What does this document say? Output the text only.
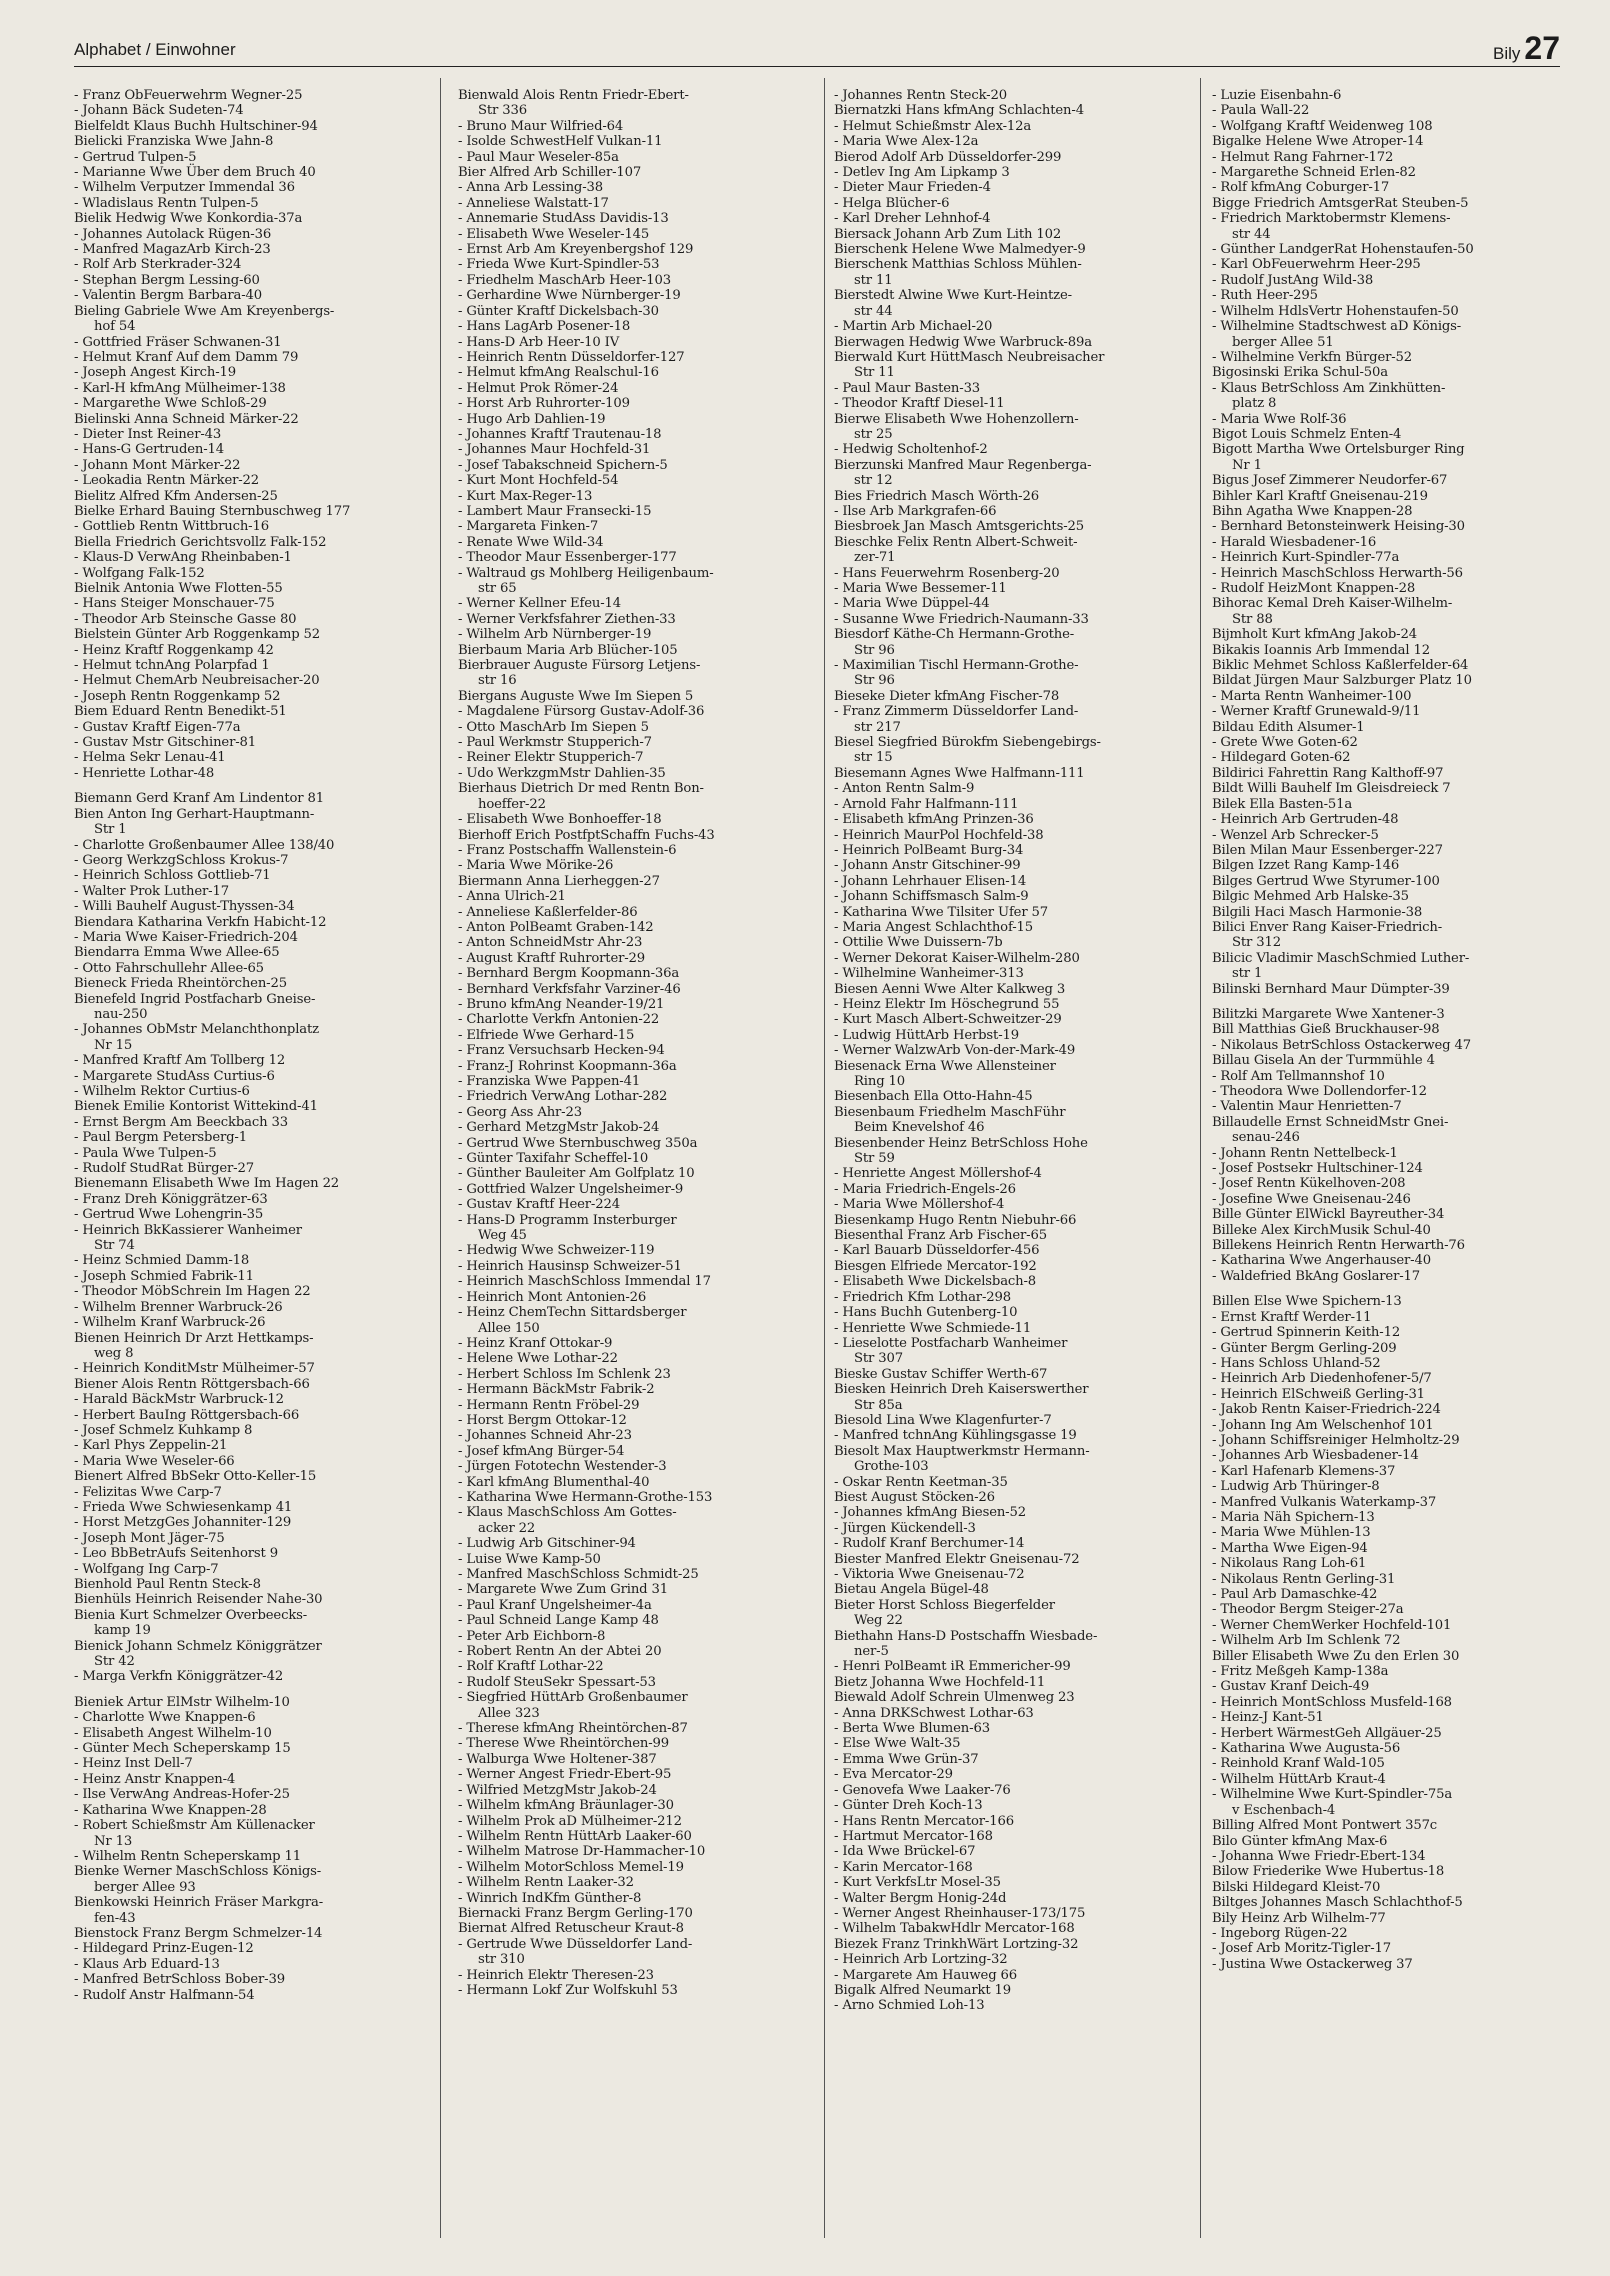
Alphabet / Einwohner	Bily 27
- Franz ObFeuerwehrm Wegner-25
- Johann Bäck Sudeten-74
Bielfeldt Klaus Buchh Hultschiner-94
Bielicki Franziska Wwe Jahn-8
- Gertrud Tulpen-5
- Marianne Wwe Über dem Bruch 40
- Wilhelm Verputzer Immendal 36
- Wladislaus Rentn Tulpen-5
Bielik Hedwig Wwe Konkordia-37a
- Johannes Autolack Rügen-36
- Manfred MagazArb Kirch-23
- Rolf Arb Sterkrader-324
- Stephan Bergm Lessing-60
- Valentin Bergm Barbara-40
Bieling Gabriele Wwe Am Kreyenbergs-
hof 54
- Gottfried Fräser Schwanen-31
- Helmut Kranf Auf dem Damm 79
- Joseph Angest Kirch-19
- Karl-H kfmAng Mülheimer-138
- Margarethe Wwe Schloß-29
Bielinski Anna Schneid Märker-22
- Dieter Inst Reiner-43
- Hans-G Gertruden-14
- Johann Mont Märker-22
- Leokadia Rentn Märker-22
Bielitz Alfred Kfm Andersen-25
Bielke Erhard Bauing Sternbuschweg 177
- Gottlieb Rentn Wittbruch-16
Biella Friedrich Gerichtsvollz Falk-152
- Klaus-D VerwAng Rheinbaben-1
- Wolfgang Falk-152
Bielnik Antonia Wwe Flotten-55
- Hans Steiger Monschauer-75
- Theodor Arb Steinsche Gasse 80
Bielstein Günter Arb Roggenkamp 52
- Heinz Kraftf Roggenkamp 42
- Helmut tchnAng Polarpfad 1
- Helmut ChemArb Neubreisacher-20
- Joseph Rentn Roggenkamp 52
Biem Eduard Rentn Benedikt-51
- Gustav Kraftf Eigen-77a
- Gustav Mstr Gitschiner-81
- Helma Sekr Lenau-41
- Henriette Lothar-48
Biemann Gerd Kranf Am Lindentor 81
Bien Anton Ing Gerhart-Hauptmann-
Str 1
- Charlotte Großenbaumer Allee 138/40
- Georg WerkzgSchloss Krokus-7
- Heinrich Schloss Gottlieb-71
- Walter Prok Luther-17
- Willi Bauhelf August-Thyssen-34
Biendara Katharina Verkfn Habicht-12
- Maria Wwe Kaiser-Friedrich-204
Biendarra Emma Wwe Allee-65
- Otto Fahrschullehr Allee-65
Bieneck Frieda Rheintörchen-25
Bienefeld Ingrid Postfacharb Gneise-
nau-250
- Johannes ObMstr Melanchthonplatz
Nr 15
- Manfred Kraftf Am Tollberg 12
- Margarete StudAss Curtius-6
- Wilhelm Rektor Curtius-6
Bienek Emilie Kontorist Wittekind-41
- Ernst Bergm Am Beeckbach 33
- Paul Bergm Petersberg-1
- Paula Wwe Tulpen-5
- Rudolf StudRat Bürger-27
Bienemann Elisabeth Wwe Im Hagen 22
- Franz Dreh Königgrätzer-63
- Gertrud Wwe Lohengrin-35
- Heinrich BkKassierer Wanheimer
Str 74
- Heinz Schmied Damm-18
- Joseph Schmied Fabrik-11
- Theodor MöbSchrein Im Hagen 22
- Wilhelm Brenner Warbruck-26
- Wilhelm Kranf Warbruck-26
Bienen Heinrich Dr Arzt Hettkamps-
weg 8
- Heinrich KonditMstr Mülheimer-57
Biener Alois Rentn Röttgersbach-66
- Harald BäckMstr Warbruck-12
- Herbert BauIng Röttgersbach-66
- Josef Schmelz Kuhkamp 8
- Karl Phys Zeppelin-21
- Maria Wwe Weseler-66
Bienert Alfred BbSekr Otto-Keller-15
- Felizitas Wwe Carp-7
- Frieda Wwe Schwiesenkamp 41
- Horst MetzgGes Johanniter-129
- Joseph Mont Jäger-75
- Leo BbBetrAufs Seitenhorst 9
- Wolfgang Ing Carp-7
Bienhold Paul Rentn Steck-8
Bienhüls Heinrich Reisender Nahe-30
Bienia Kurt Schmelzer Overbeecks-
kamp 19
Bienick Johann Schmelz Königgrätzer
Str 42
- Marga Verkfn Königgrätzer-42
Bieniek Artur ElMstr Wilhelm-10
- Charlotte Wwe Knappen-6
- Elisabeth Angest Wilhelm-10
- Günter Mech Scheperskamp 15
- Heinz Inst Dell-7
- Heinz Anstr Knappen-4
- Ilse VerwAng Andreas-Hofer-25
- Katharina Wwe Knappen-28
- Robert Schießmstr Am Küllenacker
Nr 13
- Wilhelm Rentn Scheperskamp 11
Bienke Werner MaschSchloss Königs-
berger Allee 93
Bienkowski Heinrich Fräser Markgra-
fen-43
Bienstock Franz Bergm Schmelzer-14
- Hildegard Prinz-Eugen-12
- Klaus Arb Eduard-13
- Manfred BetrSchloss Bober-39
- Rudolf Anstr Halfmann-54
Bienwald Alois Rentn Friedr-Ebert-
Str 336
- Bruno Maur Wilfried-64
- Isolde SchwestHelf Vulkan-11
- Paul Maur Weseler-85a
Bier Alfred Arb Schiller-107
- Anna Arb Lessing-38
- Anneliese Walstatt-17
- Annemarie StudAss Davidis-13
- Elisabeth Wwe Weseler-145
- Ernst Arb Am Kreyenbergshof 129
- Frieda Wwe Kurt-Spindler-53
- Friedhelm MaschArb Heer-103
- Gerhardine Wwe Nürnberger-19
- Günter Kraftf Dickelsbach-30
- Hans LagArb Posener-18
- Hans-D Arb Heer-10 IV
- Heinrich Rentn Düsseldorfer-127
- Helmut kfmAng Realschul-16
- Helmut Prok Römer-24
- Horst Arb Ruhrorter-109
- Hugo Arb Dahlien-19
- Johannes Kraftf Trautenau-18
- Johannes Maur Hochfeld-31
- Josef Tabakschneid Spichern-5
- Kurt Mont Hochfeld-54
- Kurt Max-Reger-13
- Lambert Maur Fransecki-15
- Margareta Finken-7
- Renate Wwe Wild-34
- Theodor Maur Essenberger-177
- Waltraud gs Mohlberg Heiligenbaum-
str 65
- Werner Kellner Efeu-14
- Werner Verkfsfahrer Ziethen-33
- Wilhelm Arb Nürnberger-19
Bierbaum Maria Arb Blücher-105
Bierbrauer Auguste Fürsorg Letjens-
str 16
Biergans Auguste Wwe Im Siepen 5
- Magdalene Fürsorg Gustav-Adolf-36
- Otto MaschArb Im Siepen 5
- Paul Werkmstr Stupperich-7
- Reiner Elektr Stupperich-7
- Udo WerkzgmMstr Dahlien-35
Bierhaus Dietrich Dr med Rentn Bon-
hoeffer-22
- Elisabeth Wwe Bonhoeffer-18
Bierhoff Erich PostfptSchaffn Fuchs-43
- Franz Postschaffn Wallenstein-6
- Maria Wwe Mörike-26
Biermann Anna Lierheggen-27
- Anna Ulrich-21
- Anneliese Kaßlerfelder-86
- Anton PolBeamt Graben-142
- Anton SchneidMstr Ahr-23
- August Kraftf Ruhrorter-29
- Bernhard Bergm Koopmann-36a
- Bernhard Verkfsfahr Varziner-46
- Bruno kfmAng Neander-19/21
- Charlotte Verkfn Antonien-22
- Elfriede Wwe Gerhard-15
- Franz Versuchsarb Hecken-94
- Franz-J Rohrinst Koopmann-36a
- Franziska Wwe Pappen-41
- Friedrich VerwAng Lothar-282
- Georg Ass Ahr-23
- Gerhard MetzgMstr Jakob-24
- Gertrud Wwe Sternbuschweg 350a
- Günter Taxifahr Scheffel-10
- Günther Bauleiter Am Golfplatz 10
- Gottfried Walzer Ungelsheimer-9
- Gustav Kraftf Heer-224
- Hans-D Programm Insterburger
Weg 45
- Hedwig Wwe Schweizer-119
- Heinrich Hausinsp Schweizer-51
- Heinrich MaschSchloss Immendal 17
- Heinrich Mont Antonien-26
- Heinz ChemTechn Sittardsberger
Allee 150
- Heinz Kranf Ottokar-9
- Helene Wwe Lothar-22
- Herbert Schloss Im Schlenk 23
- Hermann BäckMstr Fabrik-2
- Hermann Rentn Fröbel-29
- Horst Bergm Ottokar-12
- Johannes Schneid Ahr-23
- Josef kfmAng Bürger-54
- Jürgen Fototechn Westender-3
- Karl kfmAng Blumenthal-40
- Katharina Wwe Hermann-Grothe-153
- Klaus MaschSchloss Am Gottes-
acker 22
- Ludwig Arb Gitschiner-94
- Luise Wwe Kamp-50
- Manfred MaschSchloss Schmidt-25
- Margarete Wwe Zum Grind 31
- Paul Kranf Ungelsheimer-4a
- Paul Schneid Lange Kamp 48
- Peter Arb Eichborn-8
- Robert Rentn An der Abtei 20
- Rolf Kraftf Lothar-22
- Rudolf SteuSekr Spessart-53
- Siegfried HüttArb Großenbaumer
Allee 323
- Therese kfmAng Rheintörchen-87
- Therese Wwe Rheintörchen-99
- Walburga Wwe Holtener-387
- Werner Angest Friedr-Ebert-95
- Wilfried MetzgMstr Jakob-24
- Wilhelm kfmAng Bräunlager-30
- Wilhelm Prok aD Mülheimer-212
- Wilhelm Rentn HüttArb Laaker-60
- Wilhelm Matrose Dr-Hammacher-10
- Wilhelm MotorSchloss Memel-19
- Wilhelm Rentn Laaker-32
- Winrich IndKfm Günther-8
Biernacki Franz Bergm Gerling-170
Biernat Alfred Retuscheur Kraut-8
- Gertrude Wwe Düsseldorfer Land-
str 310
- Heinrich Elektr Theresen-23
- Hermann Lokf Zur Wolfskuhl 53
- Johannes Rentn Steck-20
Biernatzki Hans kfmAng Schlachten-4
- Helmut Schießmstr Alex-12a
- Maria Wwe Alex-12a
Bierod Adolf Arb Düsseldorfer-299
- Detlev Ing Am Lipkamp 3
- Dieter Maur Frieden-4
- Helga Blücher-6
- Karl Dreher Lehnhof-4
Biersack Johann Arb Zum Lith 102
Bierschenk Helene Wwe Malmedyer-9
Bierschenk Matthias Schloss Mühlen-
str 11
Bierstedt Alwine Wwe Kurt-Heintze-
str 44
- Martin Arb Michael-20
Bierwagen Hedwig Wwe Warbruck-89a
Bierwald Kurt HüttMasch Neubreisacher
Str 11
- Paul Maur Basten-33
- Theodor Kraftf Diesel-11
Bierwe Elisabeth Wwe Hohenzollern-
str 25
- Hedwig Scholtenhof-2
Bierzunski Manfred Maur Regenberga-
str 12
Bies Friedrich Masch Wörth-26
- Ilse Arb Markgrafen-66
Biesbroek Jan Masch Amtsgerichts-25
Bieschke Felix Rentn Albert-Schweit-
zer-71
- Hans Feuerwehrm Rosenberg-20
- Maria Wwe Bessemer-11
- Maria Wwe Düppel-44
- Susanne Wwe Friedrich-Naumann-33
Biesdorf Käthe-Ch Hermann-Grothe-
Str 96
- Maximilian Tischl Hermann-Grothe-
Str 96
Bieseke Dieter kfmAng Fischer-78
- Franz Zimmerm Düsseldorfer Land-
str 217
Biesel Siegfried Bürokfm Siebengebirgs-
str 15
Biesemann Agnes Wwe Halfmann-111
- Anton Rentn Salm-9
- Arnold Fahr Halfmann-111
- Elisabeth kfmAng Prinzen-36
- Heinrich MaurPol Hochfeld-38
- Heinrich PolBeamt Burg-34
- Johann Anstr Gitschiner-99
- Johann Lehrhauer Elisen-14
- Johann Schiffsmasch Salm-9
- Katharina Wwe Tilsiter Ufer 57
- Maria Angest Schlachthof-15
- Ottilie Wwe Duissern-7b
- Werner Dekorat Kaiser-Wilhelm-280
- Wilhelmine Wanheimer-313
Biesen Aenni Wwe Alter Kalkweg 3
- Heinz Elektr Im Höschegrund 55
- Kurt Masch Albert-Schweitzer-29
- Ludwig HüttArb Herbst-19
- Werner WalzwArb Von-der-Mark-49
Biesenack Erna Wwe Allensteiner
Ring 10
Biesenbach Ella Otto-Hahn-45
Biesenbaum Friedhelm MaschFühr
Beim Knevelshof 46
Biesenbender Heinz BetrSchloss Hohe
Str 59
- Henriette Angest Möllershof-4
- Maria Friedrich-Engels-26
- Maria Wwe Möllershof-4
Biesenkamp Hugo Rentn Niebuhr-66
Biesenthal Franz Arb Fischer-65
- Karl Bauarb Düsseldorfer-456
Biesgen Elfriede Mercator-192
- Elisabeth Wwe Dickelsbach-8
- Friedrich Kfm Lothar-298
- Hans Buchh Gutenberg-10
- Henriette Wwe Schmiede-11
- Lieselotte Postfacharb Wanheimer
Str 307
Bieske Gustav Schiffer Werth-67
Biesken Heinrich Dreh Kaiserswerther
Str 85a
Biesold Lina Wwe Klagenfurter-7
- Manfred tchnAng Kühlingsgasse 19
Biesolt Max Hauptwerkmstr Hermann-
Grothe-103
- Oskar Rentn Keetman-35
Biest August Stöcken-26
- Johannes kfmAng Biesen-52
- Jürgen Kückendell-3
- Rudolf Kranf Berchumer-14
Biester Manfred Elektr Gneisenau-72
- Viktoria Wwe Gneisenau-72
Bietau Angela Bügel-48
Bieter Horst Schloss Biegerfelder
Weg 22
Biethahn Hans-D Postschaffn Wiesbade-
ner-5
- Henri PolBeamt iR Emmericher-99
Bietz Johanna Wwe Hochfeld-11
Biewald Adolf Schrein Ulmenweg 23
- Anna DRKSchwest Lothar-63
- Berta Wwe Blumen-63
- Else Wwe Walt-35
- Emma Wwe Grün-37
- Eva Mercator-29
- Genovefa Wwe Laaker-76
- Günter Dreh Koch-13
- Hans Rentn Mercator-166
- Hartmut Mercator-168
- Ida Wwe Brückel-67
- Karin Mercator-168
- Kurt VerkfsLtr Mosel-35
- Walter Bergm Honig-24d
- Werner Angest Rheinhauser-173/175
- Wilhelm TabakwHdlr Mercator-168
Biezek Franz TrinkhWärt Lortzing-32
- Heinrich Arb Lortzing-32
- Margarete Am Hauweg 66
Bigalk Alfred Neumarkt 19
- Arno Schmied Loh-13
- Luzie Eisenbahn-6
- Paula Wall-22
- Wolfgang Kraftf Weidenweg 108
Bigalke Helene Wwe Atroper-14
- Helmut Rang Fahrner-172
- Margarethe Schneid Erlen-82
- Rolf kfmAng Coburger-17
Bigge Friedrich AmtsgerRat Steuben-5
- Friedrich Marktobermstr Klemens-
str 44
- Günther LandgerRat Hohenstaufen-50
- Karl ObFeuerwehrm Heer-295
- Rudolf JustAng Wild-38
- Ruth Heer-295
- Wilhelm HdlsVertr Hohenstaufen-50
- Wilhelmine Stadtschwest aD Königs-
berger Allee 51
- Wilhelmine Verkfn Bürger-52
Bigosinski Erika Schul-50a
- Klaus BetrSchloss Am Zinkhütten-
platz 8
- Maria Wwe Rolf-36
Bigot Louis Schmelz Enten-4
Bigott Martha Wwe Ortelsburger Ring
Nr 1
Bigus Josef Zimmerer Neudorfer-67
Bihler Karl Kraftf Gneisenau-219
Bihn Agatha Wwe Knappen-28
- Bernhard Betonsteinwerk Heising-30
- Harald Wiesbadener-16
- Heinrich Kurt-Spindler-77a
- Heinrich MaschSchloss Herwarth-56
- Rudolf HeizMont Knappen-28
Bihorac Kemal Dreh Kaiser-Wilhelm-
Str 88
Bijmholt Kurt kfmAng Jakob-24
Bikakis Ioannis Arb Immendal 12
Biklic Mehmet Schloss Kaßlerfelder-64
Bildat Jürgen Maur Salzburger Platz 10
- Marta Rentn Wanheimer-100
- Werner Kraftf Grunewald-9/11
Bildau Edith Alsumer-1
- Grete Wwe Goten-62
- Hildegard Goten-62
Bildirici Fahrettin Rang Kalthoff-97
Bildt Willi Bauhelf Im Gleisdreieck 7
Bilek Ella Basten-51a
- Heinrich Arb Gertruden-48
- Wenzel Arb Schrecker-5
Bilen Milan Maur Essenberger-227
Bilgen Izzet Rang Kamp-146
Bilges Gertrud Wwe Styrumer-100
Bilgic Mehmed Arb Halske-35
Bilgili Haci Masch Harmonie-38
Bilici Enver Rang Kaiser-Friedrich-
Str 312
Bilicic Vladimir MaschSchmied Luther-
str 1
Bilinski Bernhard Maur Dümpter-39
Bilitzki Margarete Wwe Xantener-3
Bill Matthias Gieß Bruckhauser-98
- Nikolaus BetrSchloss Ostackerweg 47
Billau Gisela An der Turmmühle 4
- Rolf Am Tellmannshof 10
- Theodora Wwe Dollendorfer-12
- Valentin Maur Henrietten-7
Billaudelle Ernst SchneidMstr Gnei-
senau-246
- Johann Rentn Nettelbeck-1
- Josef Postsekr Hultschiner-124
- Josef Rentn Kükelhoven-208
- Josefine Wwe Gneisenau-246
Bille Günter ElWickl Bayreuther-34
Billeke Alex KirchMusik Schul-40
Billekens Heinrich Rentn Herwarth-76
- Katharina Wwe Angerhauser-40
- Waldefried BkAng Goslarer-17
Billen Else Wwe Spichern-13
- Ernst Kraftf Werder-11
- Gertrud Spinnerin Keith-12
- Günter Bergm Gerling-209
- Hans Schloss Uhland-52
- Heinrich Arb Diedenhofener-5/7
- Heinrich ElSchweiß Gerling-31
- Jakob Rentn Kaiser-Friedrich-224
- Johann Ing Am Welschenhof 101
- Johann Schiffsreiniger Helmholtz-29
- Johannes Arb Wiesbadener-14
- Karl Hafenarb Klemens-37
- Ludwig Arb Thüringer-8
- Manfred Vulkanis Waterkamp-37
- Maria Näh Spichern-13
- Maria Wwe Mühlen-13
- Martha Wwe Eigen-94
- Nikolaus Rang Loh-61
- Nikolaus Rentn Gerling-31
- Paul Arb Damaschke-42
- Theodor Bergm Steiger-27a
- Werner ChemWerker Hochfeld-101
- Wilhelm Arb Im Schlenk 72
Biller Elisabeth Wwe Zu den Erlen 30
- Fritz Meßgeh Kamp-138a
- Gustav Kranf Deich-49
- Heinrich MontSchloss Musfeld-168
- Heinz-J Kant-51
- Herbert WärmestGeh Allgäuer-25
- Katharina Wwe Augusta-56
- Reinhold Kranf Wald-105
- Wilhelm HüttArb Kraut-4
- Wilhelmine Wwe Kurt-Spindler-75a
v Eschenbach-4
Billing Alfred Mont Pontwert 357c
Bilo Günter kfmAng Max-6
- Johanna Wwe Friedr-Ebert-134
Bilow Friederike Wwe Hubertus-18
Bilski Hildegard Kleist-70
Biltges Johannes Masch Schlachthof-5
Bily Heinz Arb Wilhelm-77
- Ingeborg Rügen-22
- Josef Arb Moritz-Tigler-17
- Justina Wwe Ostackerweg 37
